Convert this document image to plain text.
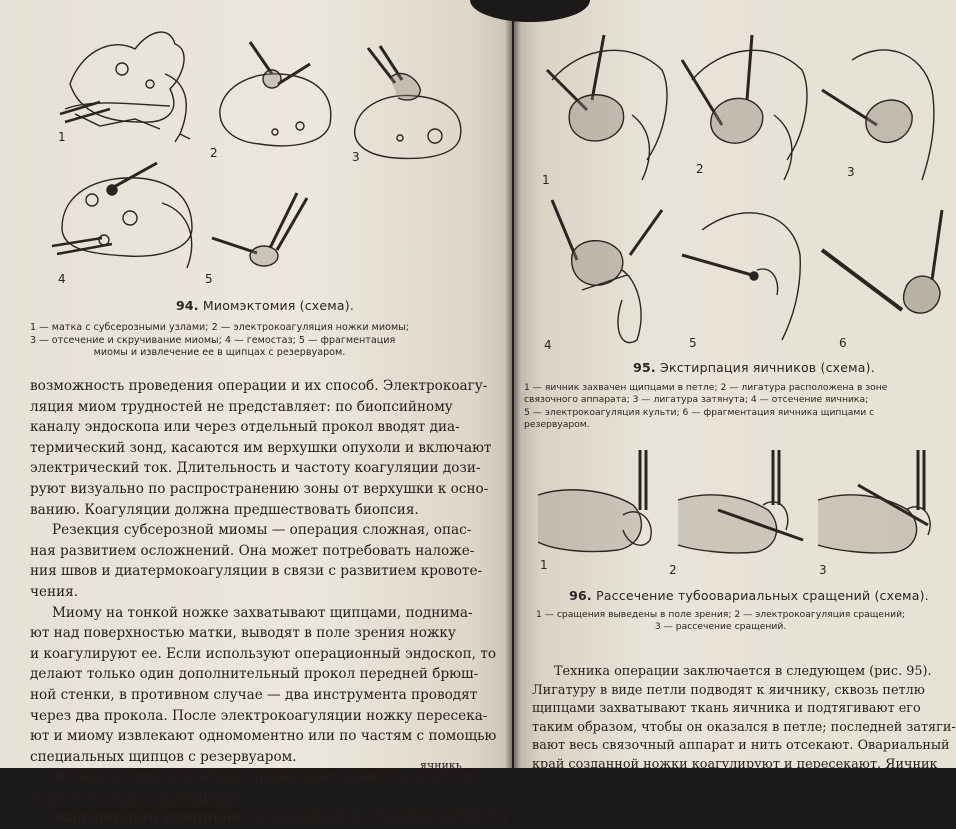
1
2	3
4	5
94. Миомэктомия (схема).
1 — матка с субсерозными узлами; 2 — электрокоагуляция ножки миомы;
3 — отсечение и скручивание миомы; 4 — гемостаз; 5 — фрагментация
миомы и извлечение ее в щипцах с резервуаром.

возможность проведения операции и их способ. Электрокоагу-

ляция миом трудностей не представляет: по биопсийному

каналу эндоскопа или через отдельный прокол вводят диа-

термический зонд, касаются им верхушки опухоли и включают

электрический ток. Длительность и частоту коагуляции дози-

руют визуально по распространению зоны от верхушки к осно-

ванию. Коагуляции должна предшествовать биопсия.

Резекция субсерозной миомы — операция сложная, опас-

ная развитием осложнений. Она может потребовать наложе-

ния швов и диатермокоагуляции в связи с развитием кровоте-

чения.

Миому на тонкой ножке захватывают щипцами, поднима-

ют над поверхностью матки, выводят в поле зрения ножку

и коагулируют ее. Если используют операционный эндоскоп, то

делают только один дополнительный прокол передней брюш-

ной стенки, в противном случае — два инструмента проводят

через два прокола. После электрокоагуляции ножку пересека-

ют и миому извлекают одномоментно или по частям с помощью

специальных щипцов с резервуаром.

Миомы на широкой ножке прижимают зажимом, коагули-

руют и отсекают ножницами.

Экстирпация яичников. Показаниями к операции являются

ячникь

1
2	3
4	5	6
95. Экстирпация яичников (схема).
1 — яичник захвачен щипцами в петле; 2 — лигатура расположена в зоне
связочного аппарата; 3 — лигатура затянута; 4 — отсечение яичника;
5 — электрокоагуляция культи; 6 — фрагментация яичника щипцами с
резервуаром.
1	2	3
96. Рассечение тубоовариальных сращений (схема).
1 — сращения выведены в поле зрения; 2 — электрокоагуляция сращений;
3 — рассечение сращений.

Техника операции заключается в следующем (рис. 95).

Лигатуру в виде петли подводят к яичнику, сквозь петлю

щипцами захватывают ткань яичника и подтягивают его

таким образом, чтобы он оказался в петле; последней затяги-

вают весь связочный аппарат и нить отсекают. Овариальный

край созданной ножки коагулируют и пересекают. Яичник
